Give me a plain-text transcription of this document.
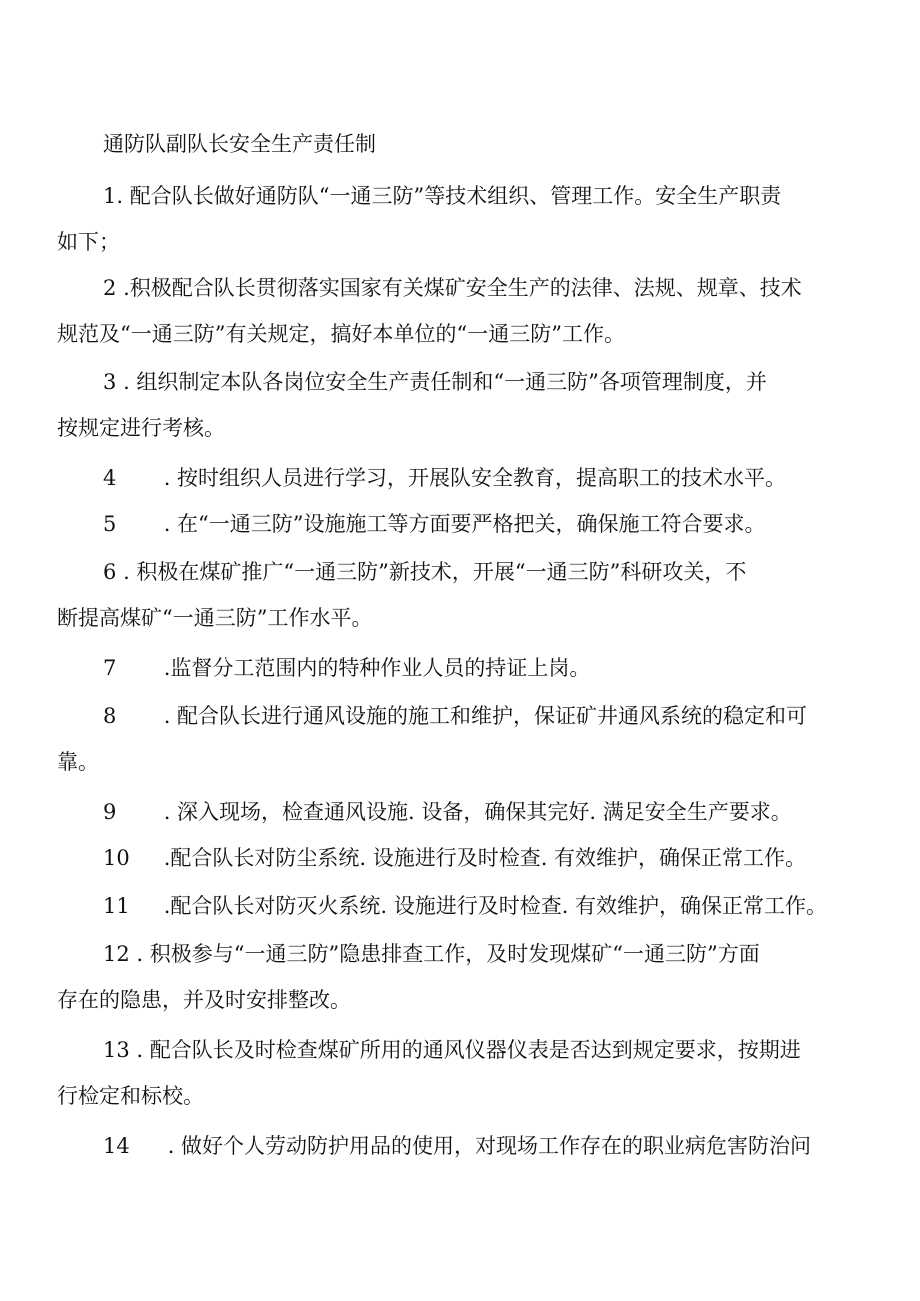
通防队副队长安全生产责任制
1. 配合队长做好通防队“一通三防”等技术组织、管理工作。安全生产职责
如下；
2 .积极配合队长贯彻落实国家有关煤矿安全生产的法律、法规、规章、技术
规范及“一通三防”有关规定，搞好本单位的“一通三防”工作。
3 . 组织制定本队各岗位安全生产责任制和“一通三防”各项管理制度，并
按规定进行考核。
4 . 按时组织人员进行学习，开展队安全教育，提高职工的技术水平。
5 . 在“一通三防”设施施工等方面要严格把关，确保施工符合要求。
6 . 积极在煤矿推广“一通三防”新技术，开展“一通三防”科研攻关，不
断提高煤矿“一通三防”工作水平。
7 .监督分工范围内的特种作业人员的持证上岗。
8 . 配合队长进行通风设施的施工和维护，保证矿井通风系统的稳定和可
靠。
9 . 深入现场，检查通风设施. 设备，确保其完好. 满足安全生产要求。
10 .配合队长对防尘系统. 设施进行及时检查. 有效维护，确保正常工作。
11 .配合队长对防灭火系统. 设施进行及时检查. 有效维护，确保正常工作。
12 . 积极参与“一通三防”隐患排查工作，及时发现煤矿“一通三防”方面
存在的隐患，并及时安排整改。
13 . 配合队长及时检查煤矿所用的通风仪器仪表是否达到规定要求，按期进
行检定和标校。
14 . 做好个人劳动防护用品的使用，对现场工作存在的职业病危害防治问
